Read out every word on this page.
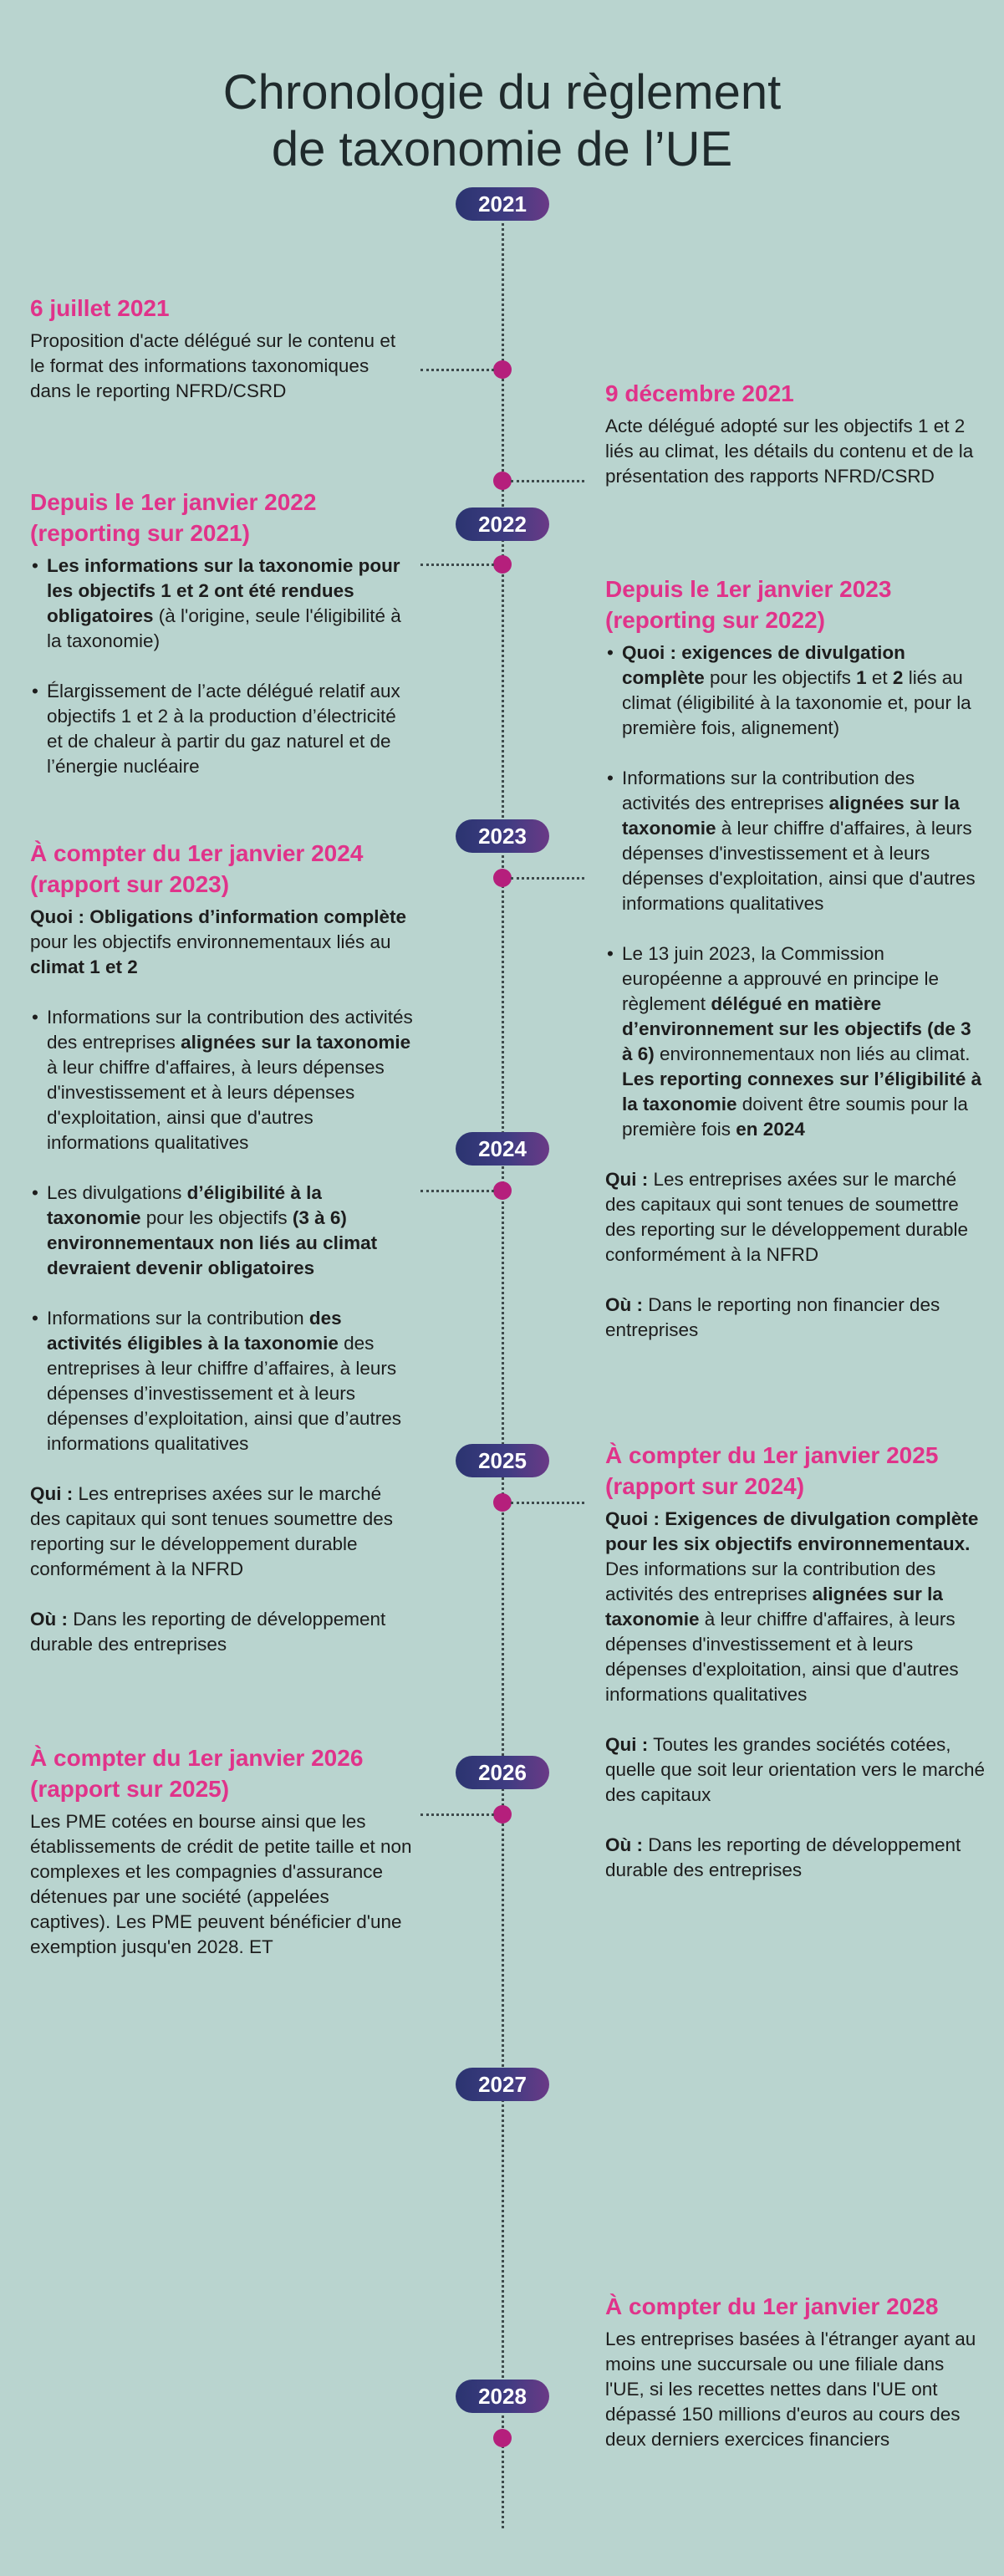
Chronologie du règlement
de taxonomie de l’UE
2021
2022
2023
2024
2025
2026
2027
2028
6 juillet 2021

Proposition d'acte délégué sur le contenu et le format des informations taxonomiques dans le reporting NFRD/CSRD	9 décembre 2021

Acte délégué adopté sur les objectifs 1 et 2 liés au climat, les détails du contenu et de la présentation des rapports NFRD/CSRD

Depuis le 1er janvier 2022
(reporting sur 2021)
• Les informations sur la taxonomie pour les objectifs 1 et 2 ont été rendues obligatoires (à l'origine, seule l'éligibilité à la taxonomie)
• Élargissement de l’acte délégué relatif aux objectifs 1 et 2 à la production d’électricité et de chaleur à partir du gaz naturel et de l’énergie nucléaire
Depuis le 1er janvier 2023
(reporting sur 2022)
• Quoi : exigences de divulgation complète pour les objectifs 1 et 2 liés au climat (éligibilité à la taxonomie et, pour la première fois, alignement)
• Informations sur la contribution des activités des entreprises alignées sur la taxonomie à leur chiffre d'affaires, à leurs dépenses d'investissement et à leurs dépenses d'exploitation, ainsi que d'autres informations qualitatives
• Le 13 juin 2023, la Commission européenne a approuvé en principe le règlement délégué en matière d’environnement sur les objectifs (de 3 à 6) environnementaux non liés au climat. Les reporting connexes sur l’éligibilité à la taxonomie doivent être soumis pour la première fois en 2024

Qui : Les entreprises axées sur le marché des capitaux qui sont tenues de soumettre des reporting sur le développement durable conformément à la NFRD

Où : Dans le reporting non financier des entreprises

À compter du 1er janvier 2024
(rapport sur 2023)

Quoi : Obligations d’information complète pour les objectifs environnementaux liés au climat 1 et 2

• Informations sur la contribution des activités des entreprises alignées sur la taxonomie à leur chiffre d'affaires, à leurs dépenses d'investissement et à leurs dépenses d'exploitation, ainsi que d'autres informations qualitatives
• Les divulgations d’éligibilité à la taxonomie pour les objectifs (3 à 6) environnementaux non liés au climat devraient devenir obligatoires
• Informations sur la contribution des activités éligibles à la taxonomie des entreprises à leur chiffre d’affaires, à leurs dépenses d’investissement et à leurs dépenses d’exploitation, ainsi que d’autres informations qualitatives

Qui : Les entreprises axées sur le marché des capitaux qui sont tenues soumettre des reporting sur le développement durable conformément à la NFRD

Où : Dans les reporting de développement durable des entreprises

À compter du 1er janvier 2025
(rapport sur 2024)

Quoi : Exigences de divulgation complète pour les six objectifs environnementaux. Des informations sur la contribution des activités des entreprises alignées sur la taxonomie à leur chiffre d'affaires, à leurs dépenses d'investissement et à leurs dépenses d'exploitation, ainsi que d'autres informations qualitatives

Qui : Toutes les grandes sociétés cotées, quelle que soit leur orientation vers le marché des capitaux

Où : Dans les reporting de développement durable des entreprises

À compter du 1er janvier 2026
(rapport sur 2025)

Les PME cotées en bourse ainsi que les établissements de crédit de petite taille et non complexes et les compagnies d'assurance détenues par une société (appelées captives). Les PME peuvent bénéficier d'une exemption jusqu'en 2028. ET

À compter du 1er janvier 2028

Les entreprises basées à l'étranger ayant au moins une succursale ou une filiale dans l'UE, si les recettes nettes dans l'UE ont dépassé 150 millions d'euros au cours des deux derniers exercices financiers
